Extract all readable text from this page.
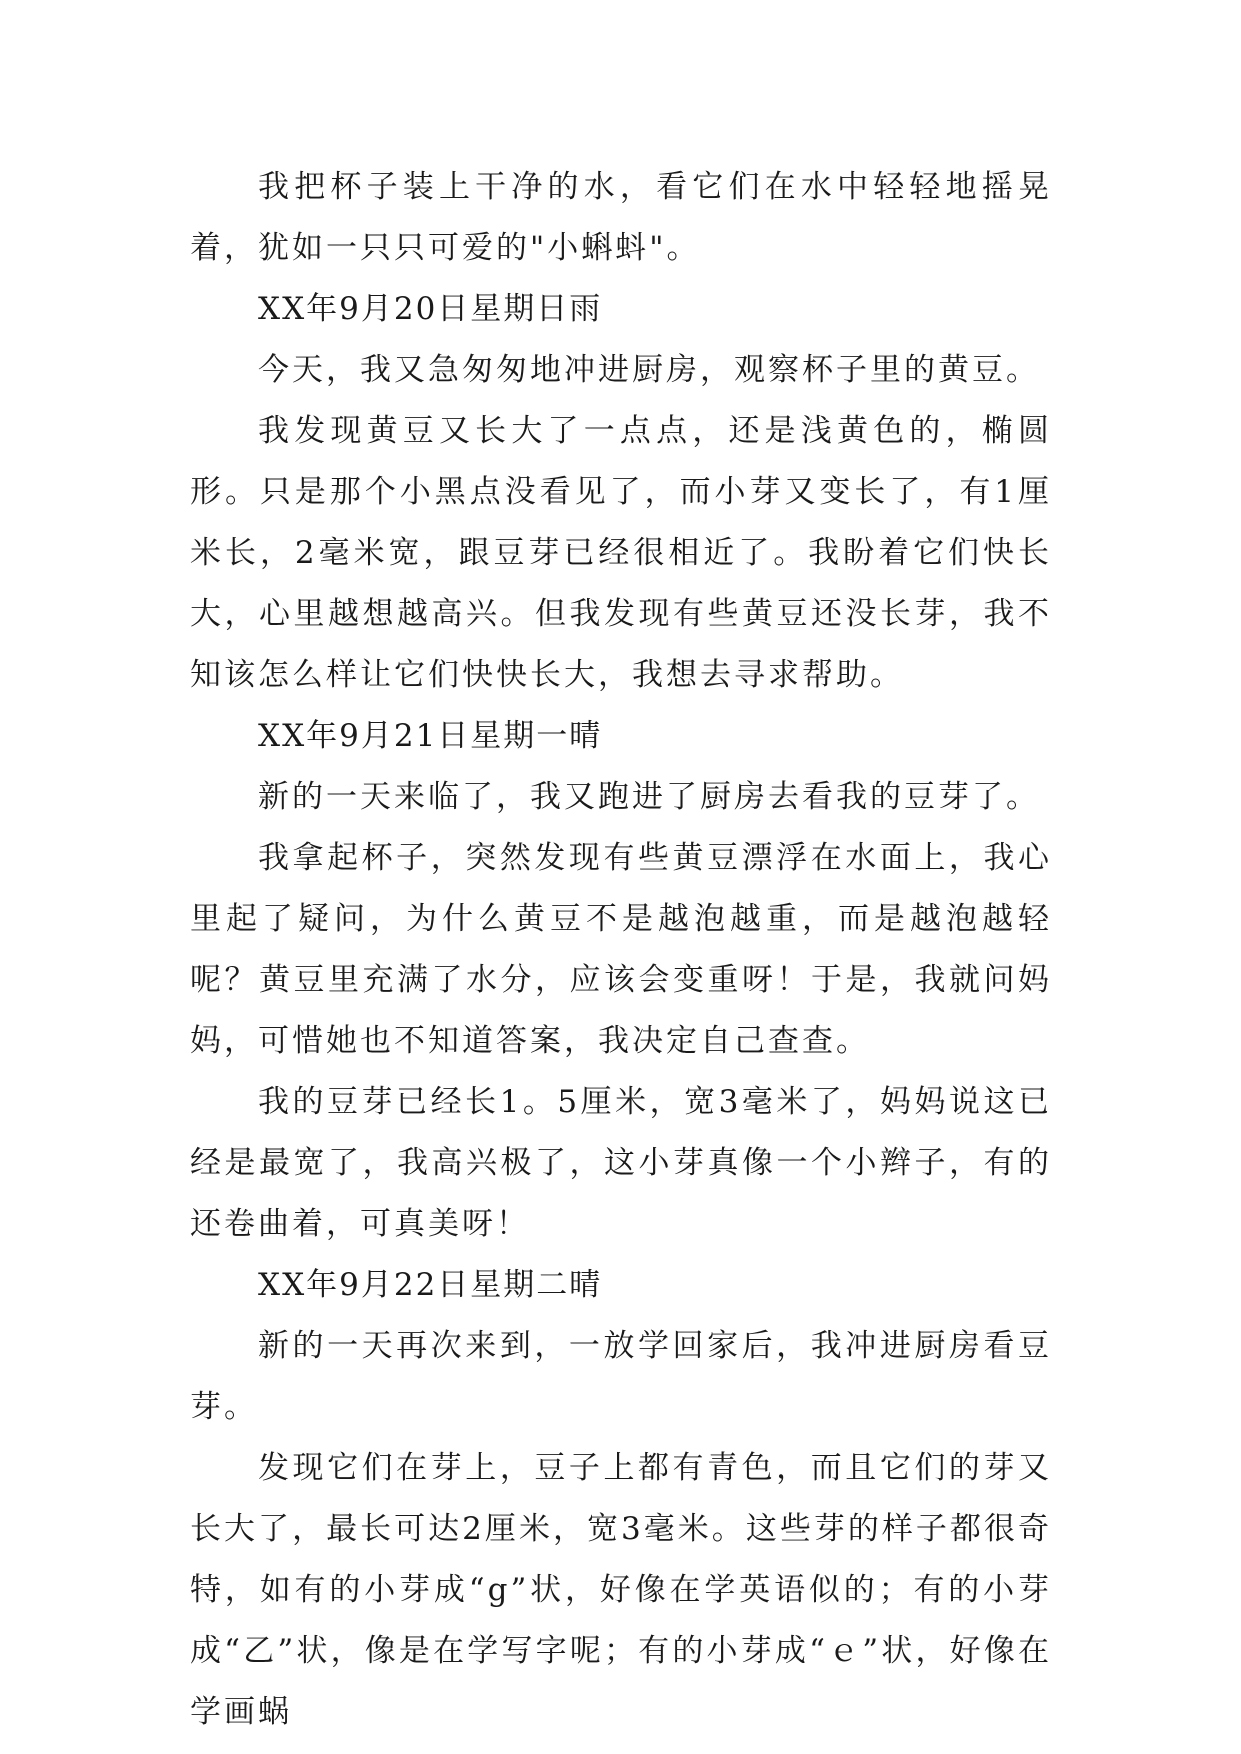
我把杯子装上干净的水，看它们在水中轻轻地摇晃着，犹如一只只可爱的"小蝌蚪"。

XX年9月20日星期日雨

今天，我又急匆匆地冲进厨房，观察杯子里的黄豆。

我发现黄豆又长大了一点点，还是浅黄色的，椭圆形。只是那个小黑点没看见了，而小芽又变长了，有1厘米长，2毫米宽，跟豆芽已经很相近了。我盼着它们快长大，心里越想越高兴。但我发现有些黄豆还没长芽，我不知该怎么样让它们快快长大，我想去寻求帮助。

XX年9月21日星期一晴

新的一天来临了，我又跑进了厨房去看我的豆芽了。

我拿起杯子，突然发现有些黄豆漂浮在水面上，我心里起了疑问，为什么黄豆不是越泡越重，而是越泡越轻呢？黄豆里充满了水分，应该会变重呀！于是，我就问妈妈，可惜她也不知道答案，我决定自己查查。

我的豆芽已经长1。5厘米，宽3毫米了，妈妈说这已经是最宽了，我高兴极了，这小芽真像一个小辫子，有的还卷曲着，可真美呀！

XX年9月22日星期二晴

新的一天再次来到，一放学回家后，我冲进厨房看豆芽。

发现它们在芽上，豆子上都有青色，而且它们的芽又长大了，最长可达2厘米，宽3毫米。这些芽的样子都很奇特，如有的小芽成“g”状，好像在学英语似的；有的小芽成“乙”状，像是在学写字呢；有的小芽成“ｅ”状，好像在学画蜗
